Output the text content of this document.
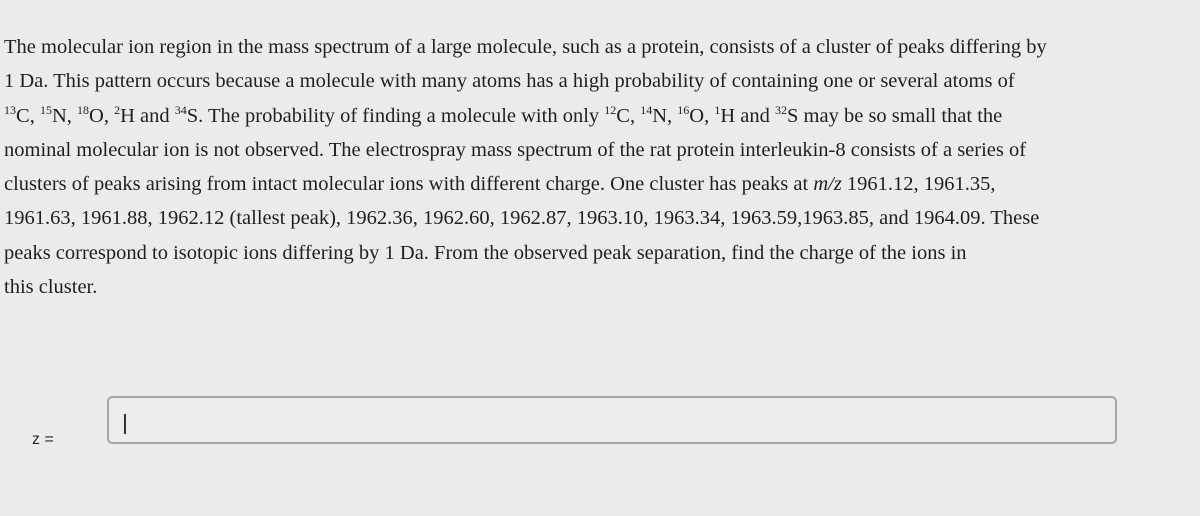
The molecular ion region in the mass spectrum of a large molecule, such as a protein, consists of a cluster of peaks differing by
1 Da. This pattern occurs because a molecule with many atoms has a high probability of containing one or several atoms of
$^{13}$C, $^{15}$N, $^{18}$O, $^2$H and $^{34}$S. The probability of finding a molecule with only $^{12}$C, $^{14}$N, $^{16}$O, $^1$H and $^{32}$S may be so small that the
nominal molecular ion is not observed. The electrospray mass spectrum of the rat protein interleukin-8 consists of a series of
clusters of peaks arising from intact molecular ions with different charge. One cluster has peaks at m/z 1961.12, 1961.35,
1961.63, 1961.88, 1962.12 (tallest peak), 1962.36, 1962.60, 1962.87, 1963.10, 1963.34, 1963.59,1963.85, and 1964.09. These
peaks correspond to isotopic ions differing by 1 Da. From the observed peak separation, find the charge of the ions in
this cluster.
z =
